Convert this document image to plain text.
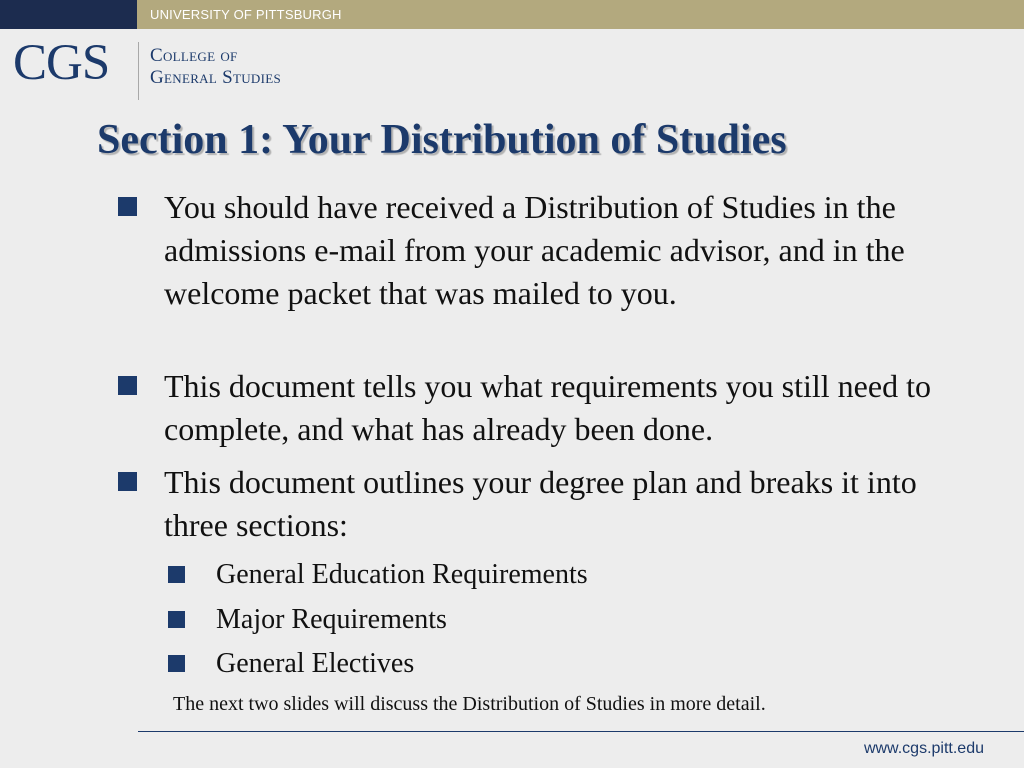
UNIVERSITY OF PITTSBURGH
CGS College of
General Studies
Section 1: Your Distribution of Studies
You should have received a Distribution of Studies in the admissions e-mail from your academic advisor, and in the welcome packet that was mailed to you.
This document tells you what requirements you still need to complete, and what has already been done.
This document outlines your degree plan and breaks it into three sections:
General Education Requirements
Major Requirements
General Electives
The next two slides will discuss the Distribution of Studies in more detail.
www.cgs.pitt.edu
